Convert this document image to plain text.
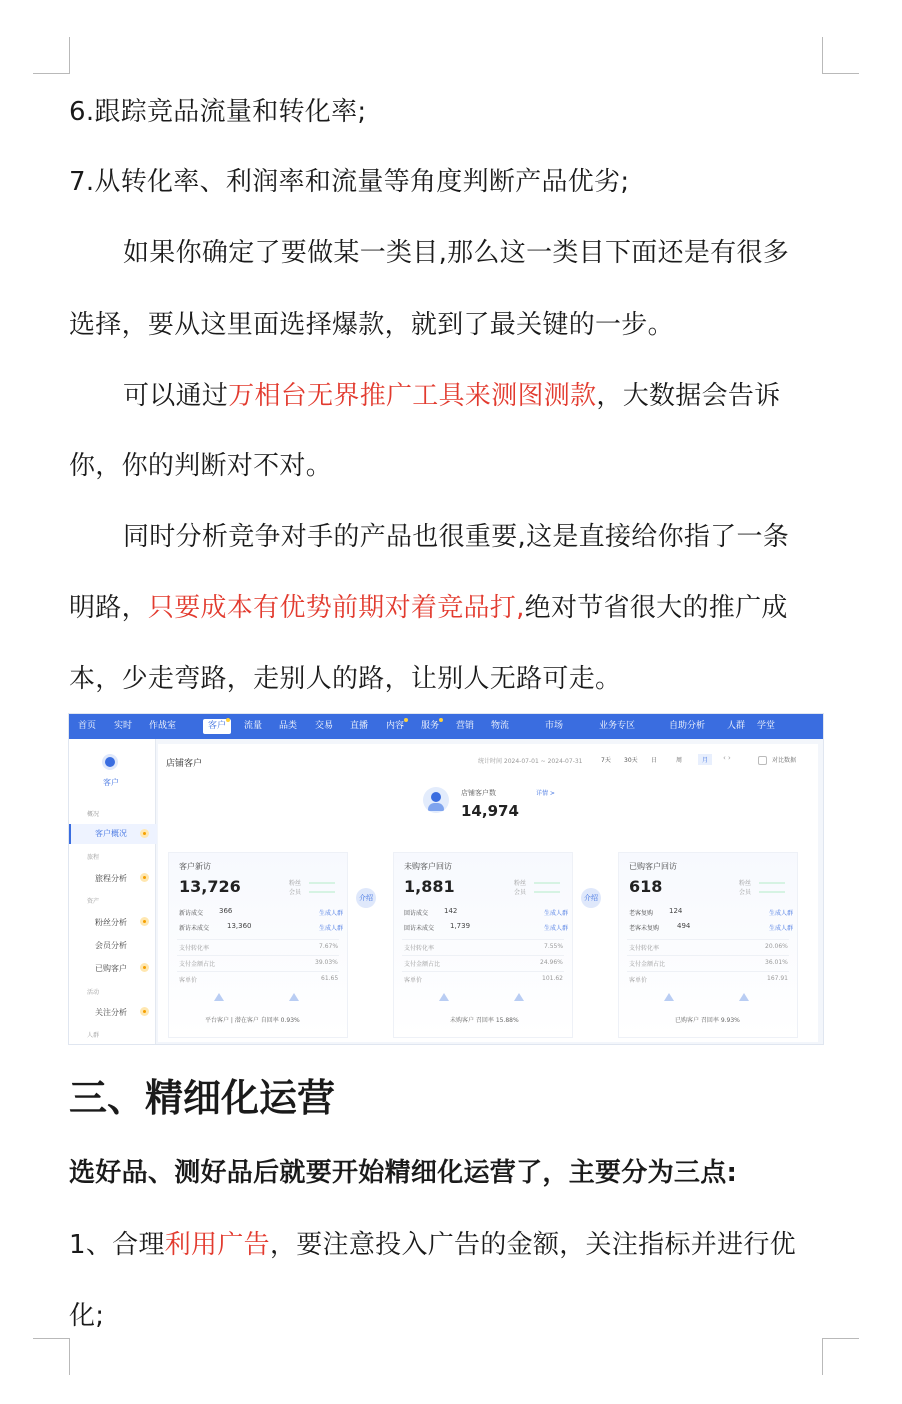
6.跟踪竞品流量和转化率;
7.从转化率、利润率和流量等角度判断产品优劣;
如果你确定了要做某一类目,那么这一类目下面还是有很多
选择，要从这里面选择爆款，就到了最关键的一步。
可以通过万相台无界推广工具来测图测款，大数据会告诉
你，你的判断对不对。
同时分析竞争对手的产品也很重要,这是直接给你指了一条
明路，只要成本有优势前期对着竞品打,绝对节省很大的推广成
本，少走弯路，走别人的路，让别人无路可走。
首页 实时 作战室	客户	流量 品类 交易 直播 内容 服务 营销 物流	市场	业务专区	自助分析 人群 学堂
客户
概况
客户概况
旅程
旅程分析
资产
粉丝分析
会员分析
已购客户
活动
关注分析
人群
店铺客户	统计时间 2024-07-01 ~ 2024-07-31	7天 30天 日	周	月	‹ ›	对比数据
店铺客户数	详情 >
14,974
客户新访
13,726	粉丝
会员
新访成交 366	生成人群
新访未成交	13,360	生成人群
支付转化率	7.67%
支付金额占比	39.03%
客单价	61.65
平台客户 | 潜在客户 自回率 0.93%
介绍
未购客户回访
1,881	粉丝
会员
回访成交 142	生成人群
回访未成交 1,739	生成人群
支付转化率	7.55%
支付金额占比	24.96%
客单价	101.62
未购客户 召回率 15.88%
介绍
已购客户回访
618	粉丝
会员
老客复购 124	生成人群
老客未复购	494	生成人群
支付转化率	20.06%
支付金额占比	36.01%
客单价	167.91
已购客户 召回率 9.93%
三、精细化运营
选好品、测好品后就要开始精细化运营了，主要分为三点:
1、合理利用广告，要注意投入广告的金额，关注指标并进行优
化;
